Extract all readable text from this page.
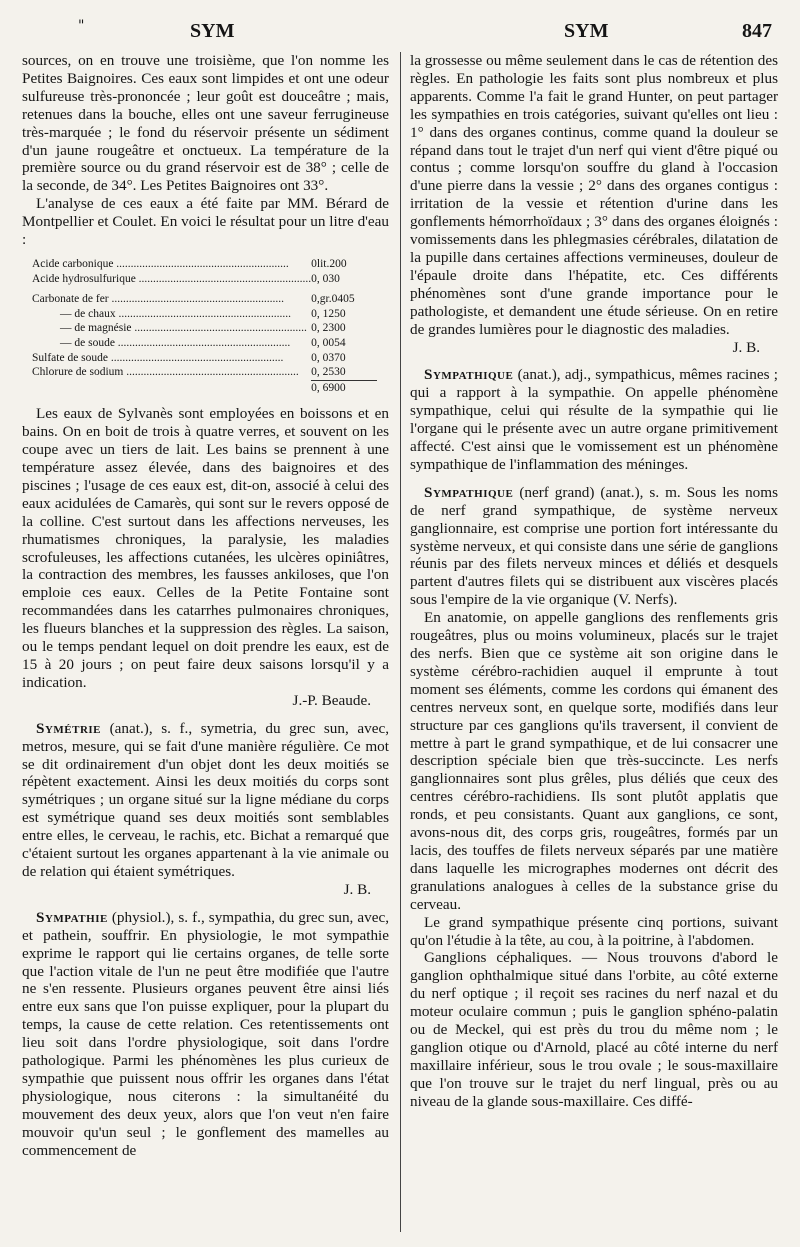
"	SYM	SYM	847

sources, on en trouve une troisième, que l'on nomme les Petites Baignoires. Ces eaux sont limpides et ont une odeur sulfureuse très-prononcée ; leur goût est douceâtre ; mais, retenues dans la bouche, elles ont une saveur ferrugineuse très-marquée ; le fond du réservoir présente un sédiment d'un jaune rougeâtre et onctueux. La température de la première source ou du grand réservoir est de 38° ; celle de la seconde, de 34°. Les Petites Baignoires ont 33°.

L'analyse de ces eaux a été faite par MM. Bérard de Montpellier et Coulet. En voici le résultat pour un litre d'eau :

Acide carbonique ............................................................	0lit.200
Acide hydrosulfurique ............................................................	0, 030
Carbonate de fer ............................................................	0,gr.0405
— de chaux ............................................................	0, 1250
— de magnésie ............................................................	0, 2300
— de soude ............................................................	0, 0054
Sulfate de soude ............................................................	0, 0370
Chlorure de sodium ............................................................	0, 2530
	0, 6900

Les eaux de Sylvanès sont employées en boissons et en bains. On en boit de trois à quatre verres, et souvent on les coupe avec un tiers de lait. Les bains se prennent à une température assez élevée, dans des baignoires et des piscines ; l'usage de ces eaux est, dit-on, associé à celui des eaux acidulées de Camarès, qui sont sur le revers opposé de la colline. C'est surtout dans les affections nerveuses, les rhumatismes chroniques, la paralysie, les maladies scrofuleuses, les affections cutanées, les ulcères opiniâtres, la contraction des membres, les fausses ankiloses, que l'on emploie ces eaux. Celles de la Petite Fontaine sont recommandées dans les catarrhes pulmonaires chroniques, les flueurs blanches et la suppression des règles. La saison, ou le temps pendant lequel on doit prendre les eaux, est de 15 à 20 jours ; on peut faire deux saisons lorsqu'il y a indication.

J.-P. Beaude.

Symétrie (anat.), s. f., symetria, du grec sun, avec, metros, mesure, qui se fait d'une manière régulière. Ce mot se dit ordinairement d'un objet dont les deux moitiés se répètent exactement. Ainsi les deux moitiés du corps sont symétriques ; un organe situé sur la ligne médiane du corps est symétrique quand ses deux moitiés sont semblables entre elles, le cerveau, le rachis, etc. Bichat a remarqué que c'étaient surtout les organes appartenant à la vie animale ou de relation qui étaient symétriques.

J. B.

Sympathie (physiol.), s. f., sympathia, du grec sun, avec, et pathein, souffrir. En physiologie, le mot sympathie exprime le rapport qui lie certains organes, de telle sorte que l'action vitale de l'un ne peut être modifiée que l'autre ne s'en ressente. Plusieurs organes peuvent être ainsi liés entre eux sans que l'on puisse expliquer, pour la plupart du temps, la cause de cette relation. Ces retentissements ont lieu soit dans l'ordre physiologique, soit dans l'ordre pathologique. Parmi les phénomènes les plus curieux de sympathie que puissent nous offrir les organes dans l'état physiologique, nous citerons : la simultanéité du mouvement des deux yeux, alors que l'on veut n'en faire mouvoir qu'un seul ; le gonflement des mamelles au commencement de

la grossesse ou même seulement dans le cas de rétention des règles. En pathologie les faits sont plus nombreux et plus apparents. Comme l'a fait le grand Hunter, on peut partager les sympathies en trois catégories, suivant qu'elles ont lieu : 1° dans des organes continus, comme quand la douleur se répand dans tout le trajet d'un nerf qui vient d'être piqué ou contus ; comme lorsqu'on souffre du gland à l'occasion d'une pierre dans la vessie ; 2° dans des organes contigus : irritation de la vessie et rétention d'urine dans les gonflements hémorrhoïdaux ; 3° dans des organes éloignés : vomissements dans les phlegmasies cérébrales, dilatation de la pupille dans certaines affections vermineuses, douleur de l'épaule droite dans l'hépatite, etc. Ces différents phénomènes sont d'une grande importance pour le pathologiste, et demandent une étude sérieuse. On en retire de grandes lumières pour le diagnostic des maladies.

J. B.

Sympathique (anat.), adj., sympathicus, mêmes racines ; qui a rapport à la sympathie. On appelle phénomène sympathique, celui qui résulte de la sympathie qui lie l'organe qui le présente avec un autre organe primitivement affecté. C'est ainsi que le vomissement est un phénomène sympathique de l'inflammation des méninges.

Sympathique (nerf grand) (anat.), s. m. Sous les noms de nerf grand sympathique, de système nerveux ganglionnaire, est comprise une portion fort intéressante du système nerveux, et qui consiste dans une série de ganglions réunis par des filets nerveux minces et déliés et desquels partent d'autres filets qui se distribuent aux viscères placés sous l'empire de la vie organique (V. Nerfs).

En anatomie, on appelle ganglions des renflements gris rougeâtres, plus ou moins volumineux, placés sur le trajet des nerfs. Bien que ce système ait son origine dans le système cérébro-rachidien auquel il emprunte à tout moment ses éléments, comme les cordons qui émanent des centres nerveux sont, en quelque sorte, modifiés dans leur structure par ces ganglions qu'ils traversent, il convient de mettre à part le grand sympathique, et de lui consacrer une description spéciale bien que très-succincte. Les nerfs ganglionnaires sont plus grêles, plus déliés que ceux des centres cérébro-rachidiens. Ils sont plutôt applatis que ronds, et peu consistants. Quant aux ganglions, ce sont, avons-nous dit, des corps gris, rougeâtres, formés par un lacis, des touffes de filets nerveux séparés par une matière dans laquelle les micrographes modernes ont décrit des granulations analogues à celles de la substance grise du cerveau.

Le grand sympathique présente cinq portions, suivant qu'on l'étudie à la tête, au cou, à la poitrine, à l'abdomen.

Ganglions céphaliques. — Nous trouvons d'abord le ganglion ophthalmique situé dans l'orbite, au côté externe du nerf optique ; il reçoit ses racines du nerf nazal et du moteur oculaire commun ; puis le ganglion sphéno-palatin ou de Meckel, qui est près du trou du même nom ; le ganglion otique ou d'Arnold, placé au côté interne du nerf maxillaire inférieur, sous le trou ovale ; le sous-maxillaire que l'on trouve sur le trajet du nerf lingual, près ou au niveau de la glande sous-maxillaire. Ces diffé-
